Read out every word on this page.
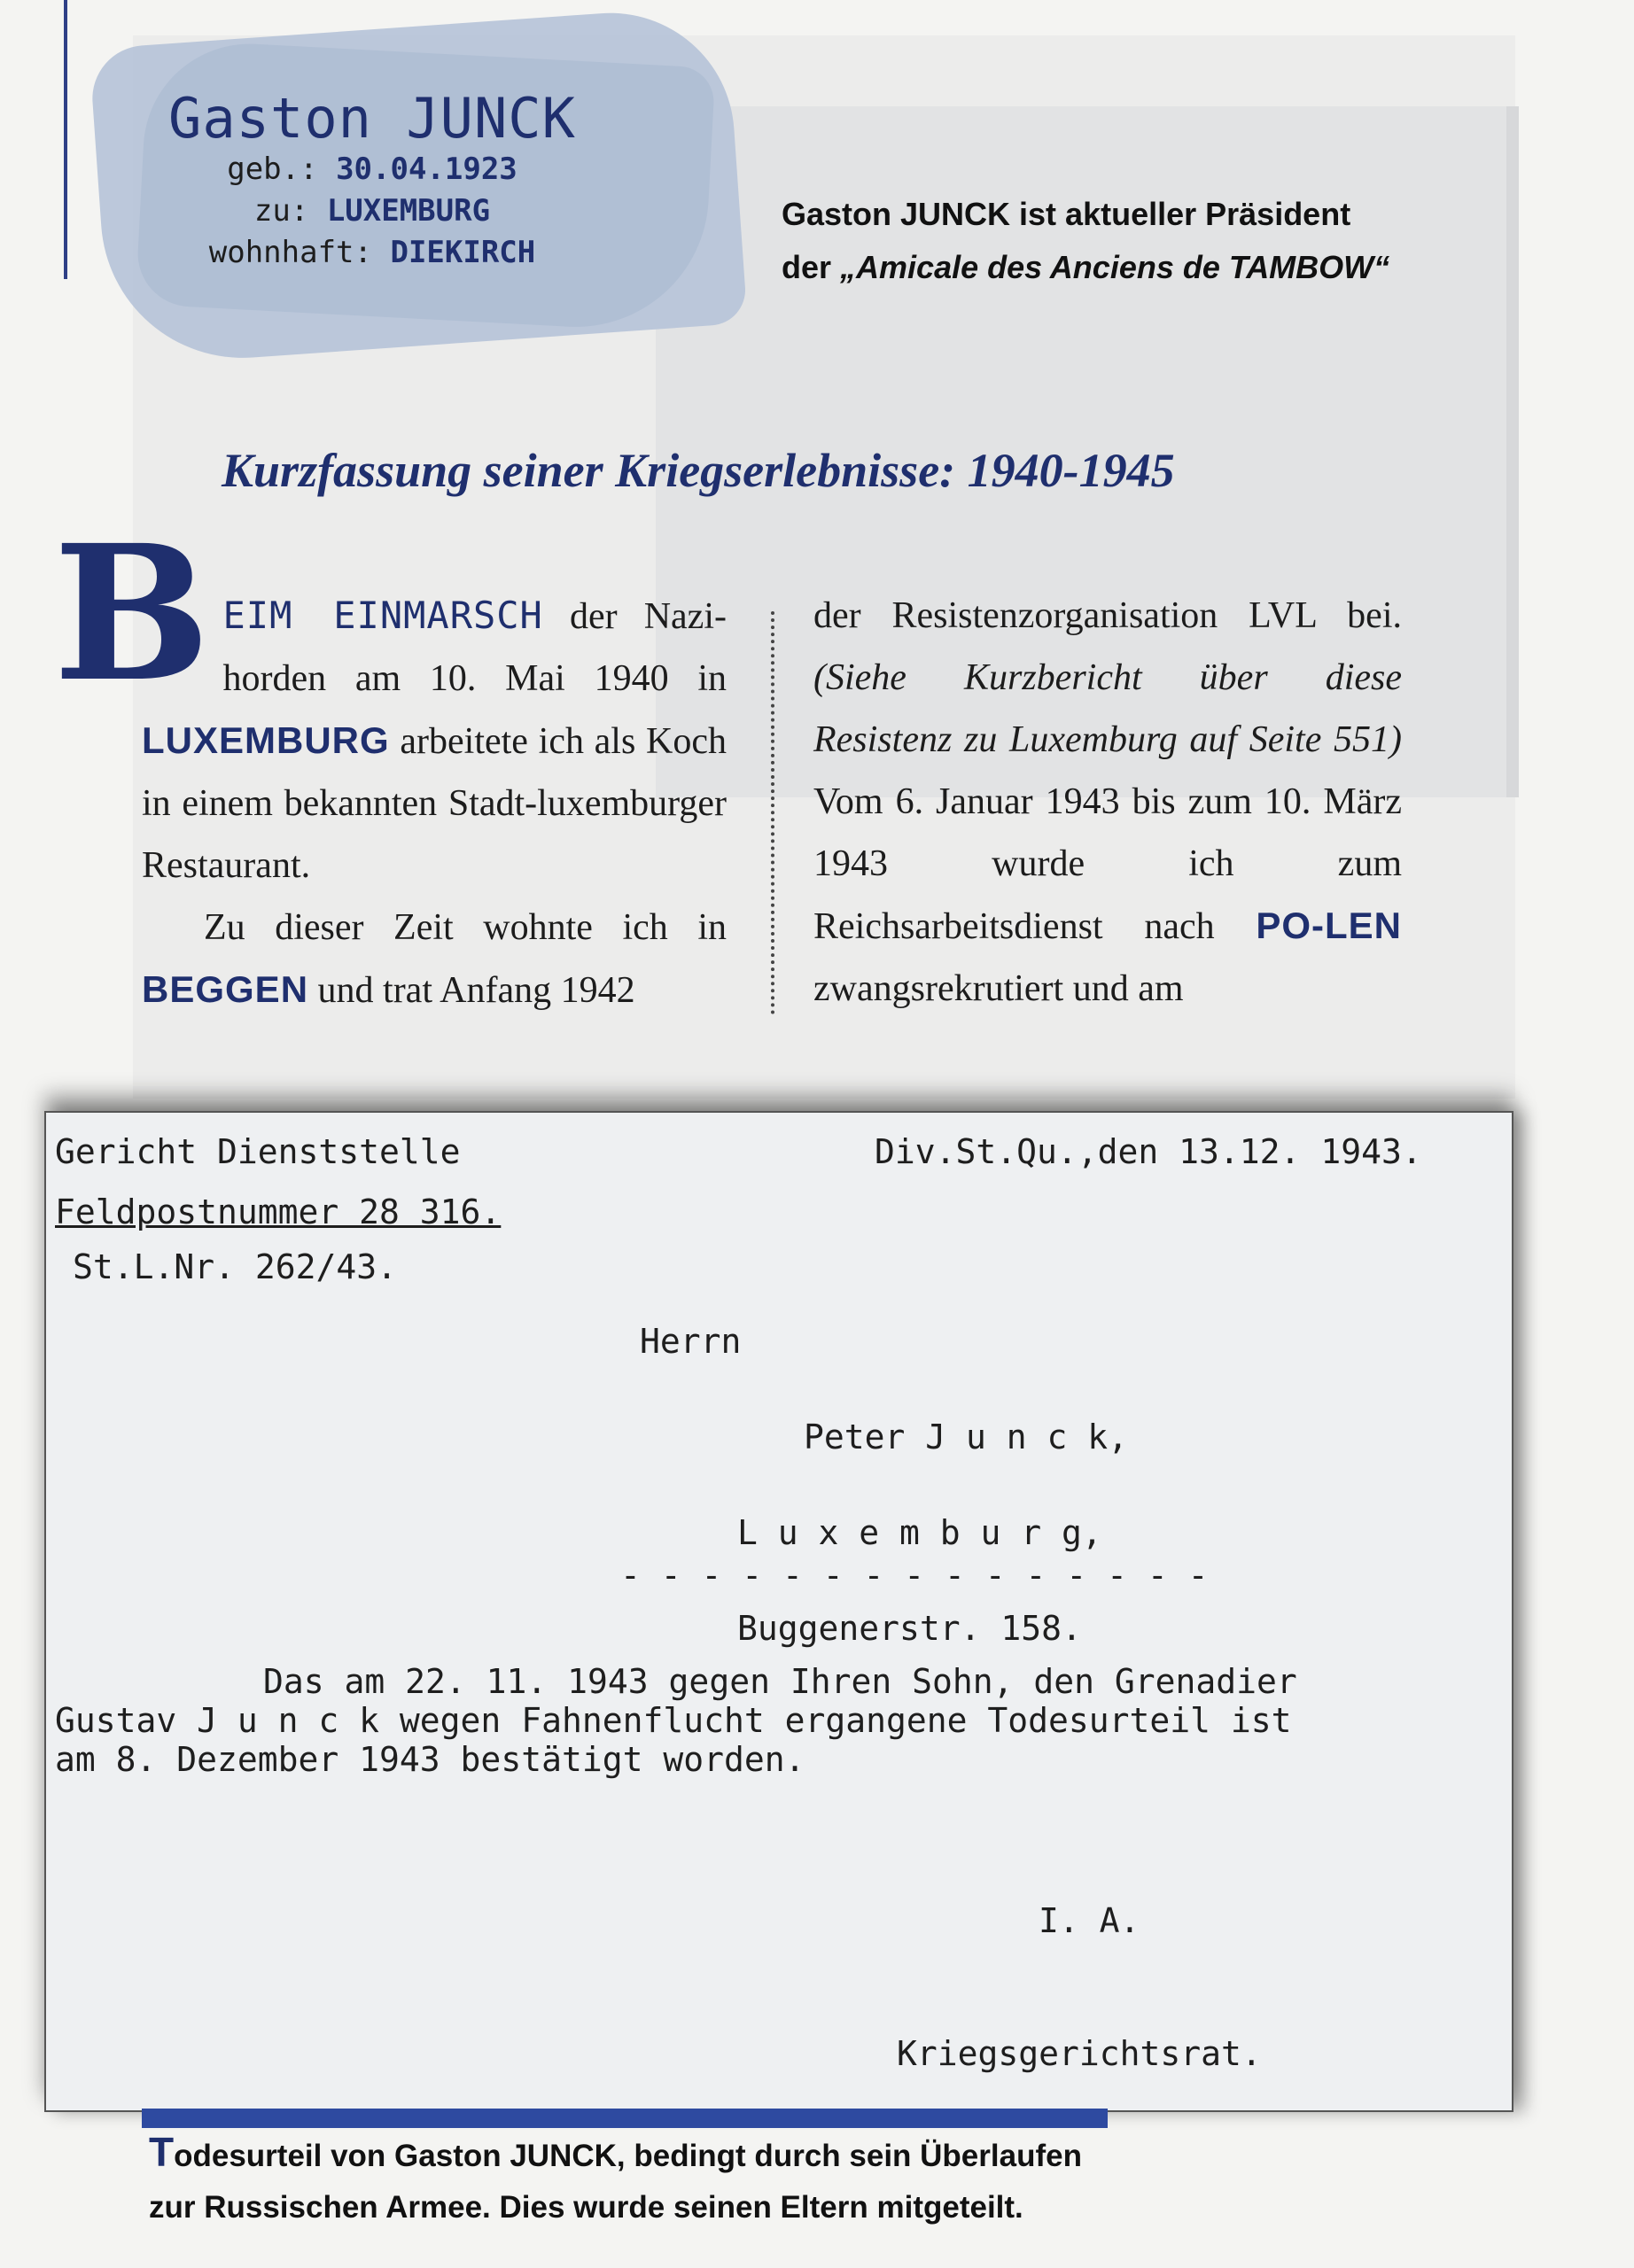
Gaston JUNCK
geb.: 30.04.1923
zu: LUXEMBURG
wohnhaft: DIEKIRCH
Gaston JUNCK ist aktueller Präsident
der „Amicale des Anciens de TAMBOW“
Kurzfassung seiner Kriegserlebnisse: 1940-1945

BEIM EINMARSCH der Nazi-horden am 10. Mai 1940 in LUXEMBURG arbeitete ich als Koch in einem bekannten Stadt-luxemburger Restaurant.

Zu dieser Zeit wohnte ich in BEGGEN und trat Anfang 1942

der Resistenzorganisation LVL bei. (Siehe Kurzbericht über diese Resistenz zu Luxemburg auf Seite 551) Vom 6. Januar 1943 bis zum 10. März 1943 wurde ich zum Reichsarbeitsdienst nach PO-LEN zwangsrekrutiert und am

Gericht Dienststelle	Div.St.Qu.,den 13.12. 1943.
Feldpostnummer 28 316.
St.L.Nr. 262/43.
Herrn
Peter J u n c k,
L u x e m b u r g,
- - - - - - - - - - - - - - -
Buggenerstr. 158.
Das am 22. 11. 1943 gegen Ihren Sohn, den Grenadier
Gustav J u n c k wegen Fahnenflucht ergangene Todesurteil ist
am 8. Dezember 1943 bestätigt worden.
I. A.
Kriegsgerichtsrat.
Todesurteil von Gaston JUNCK, bedingt durch sein Überlaufen
zur Russischen Armee. Dies wurde seinen Eltern mitgeteilt.
